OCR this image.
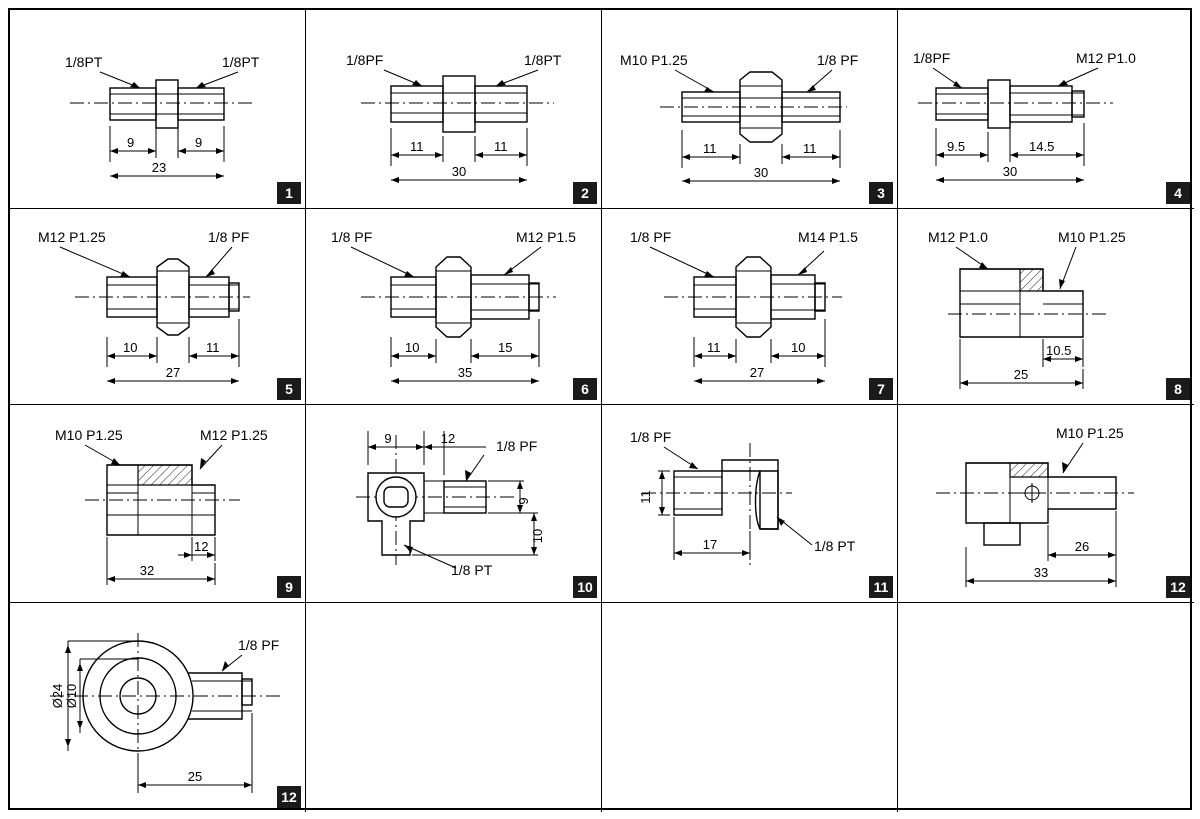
1/8PT	1/8PT
9	9
23
1
1/8PF	1/8PT
11	11
30
2
M10 P1.25	1/8 PF
11	11
30
3
1/8PF	M12 P1.0
9.5	14.5
30
4
M12 P1.25	1/8 PF
10	11
27
5
1/8 PF	M12 P1.5
10	15
35
6
1/8 PF	M14 P1.5
11	10
27
7
M12 P1.0	M10 P1.25
10.5
25
8
M10 P1.25	M12 P1.25
12
32
9
9	12	1/8 PF
1/8 PT
9
10
10
1/8 PF
11
17	1/8 PT
11
M10 P1.25
26
33
12
1/8 PF
Ø24 Ø10
25
12
